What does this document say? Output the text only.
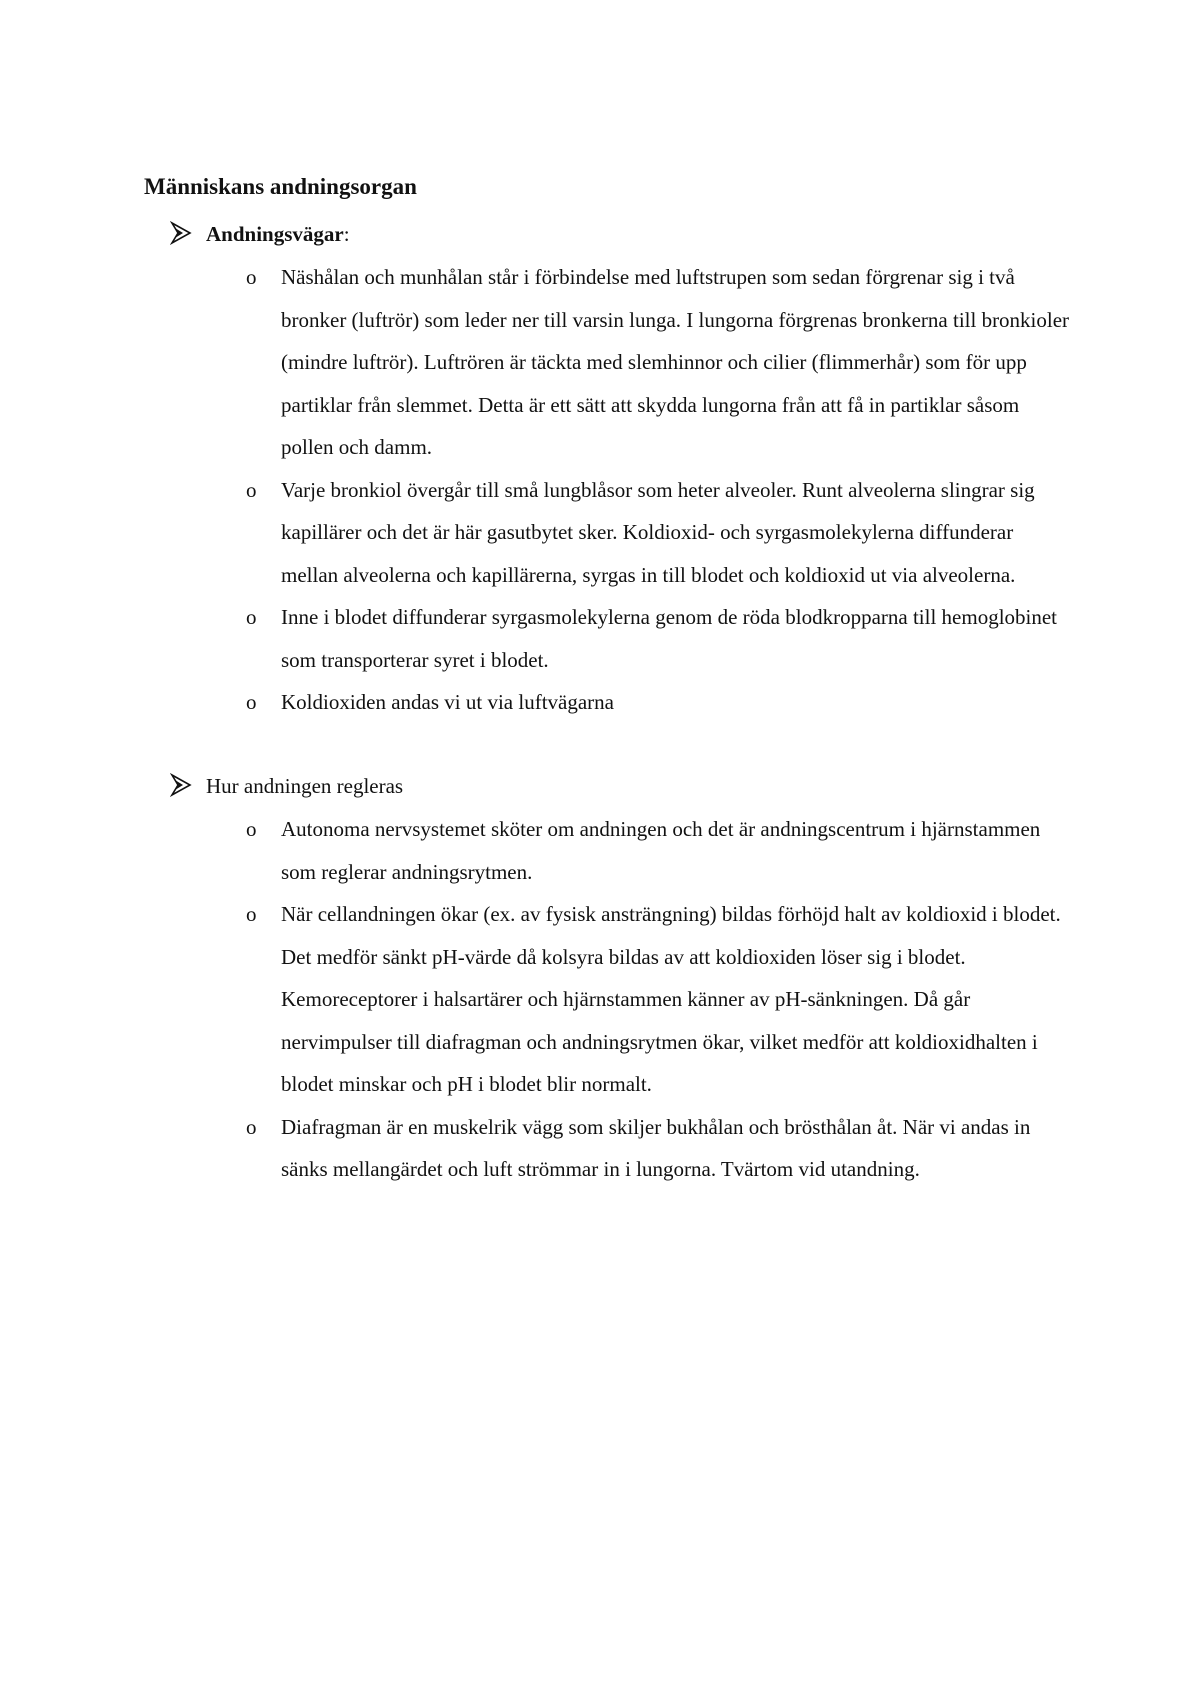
Människans andningsorgan
Andningsvägar:
o Näshålan och munhålan står i förbindelse med luftstrupen som sedan förgrenar sig i två bronker (luftrör) som leder ner till varsin lunga. I lungorna förgrenas bronkerna till bronkioler (mindre luftrör). Luftrören är täckta med slemhinnor och cilier (flimmerhår) som för upp partiklar från slemmet. Detta är ett sätt att skydda lungorna från att få in partiklar såsom pollen och damm.
o Varje bronkiol övergår till små lungblåsor som heter alveoler. Runt alveolerna slingrar sig kapillärer och det är här gasutbytet sker. Koldioxid- och syrgasmolekylerna diffunderar mellan alveolerna och kapillärerna, syrgas in till blodet och koldioxid ut via alveolerna.
o Inne i blodet diffunderar syrgasmolekylerna genom de röda blodkropparna till hemoglobinet som transporterar syret i blodet.
o Koldioxiden andas vi ut via luftvägarna
Hur andningen regleras
o Autonoma nervsystemet sköter om andningen och det är andningscentrum i hjärnstammen som reglerar andningsrytmen.
o När cellandningen ökar (ex. av fysisk ansträngning) bildas förhöjd halt av koldioxid i blodet. Det medför sänkt pH-värde då kolsyra bildas av att koldioxiden löser sig i blodet. Kemoreceptorer i halsartärer och hjärnstammen känner av pH-sänkningen. Då går nervimpulser till diafragman och andningsrytmen ökar, vilket medför att koldioxidhalten i blodet minskar och pH i blodet blir normalt.
o Diafragman är en muskelrik vägg som skiljer bukhålan och brösthålan åt. När vi andas in sänks mellangärdet och luft strömmar in i lungorna. Tvärtom vid utandning.
